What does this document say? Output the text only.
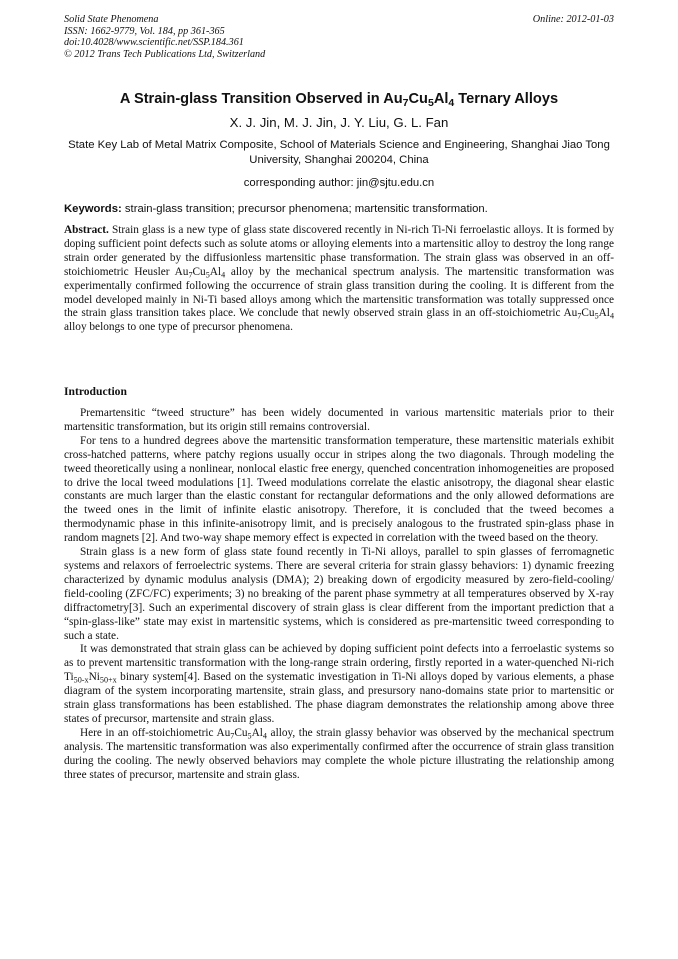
Solid State Phenomena
ISSN: 1662-9779, Vol. 184, pp 361-365
doi:10.4028/www.scientific.net/SSP.184.361
© 2012 Trans Tech Publications Ltd, Switzerland
Online: 2012-01-03
A Strain-glass Transition Observed in $Au_7Cu_5Al_4$ Ternary Alloys
X. J. Jin, M. J. Jin, J. Y. Liu, G. L. Fan
State Key Lab of Metal Matrix Composite, School of Materials Science and Engineering, Shanghai Jiao Tong University, Shanghai 200204, China
corresponding author: jin@sjtu.edu.cn
Keywords: strain-glass transition; precursor phenomena; martensitic transformation.
Abstract. Strain glass is a new type of glass state discovered recently in Ni-rich Ti-Ni ferroelastic alloys. It is formed by doping sufficient point defects such as solute atoms or alloying elements into a martensitic alloy to destroy the long range strain order generated by the diffusionless martensitic phase transformation. The strain glass was observed in an off-stoichiometric Heusler $Au_7Cu_5Al_4$ alloy by the mechanical spectrum analysis. The martensitic transformation was experimentally confirmed following the occurrence of strain glass transition during the cooling. It is different from the model developed mainly in Ni-Ti based alloys among which the martensitic transformation was totally suppressed once the strain glass transition takes place. We conclude that newly observed strain glass in an off-stoichiometric $Au_7Cu_5Al_4$ alloy belongs to one type of precursor phenomena.
Introduction

Premartensitic “tweed structure” has been widely documented in various martensitic materials prior to their martensitic transformation, but its origin still remains controversial.

For tens to a hundred degrees above the martensitic transformation temperature, these martensitic materials exhibit cross-hatched patterns, where patchy regions usually occur in stripes along the two diagonals. Through modeling the tweed theoretically using a nonlinear, nonlocal elastic free energy, quenched concentration inhomogeneities are proposed to drive the local tweed modulations [1]. Tweed modulations correlate the elastic anisotropy, the diagonal shear elastic constants are much larger than the elastic constant for rectangular deformations and the only allowed deformations are the tweed ones in the limit of infinite elastic anisotropy. Therefore, it is concluded that the tweed becomes a thermodynamic phase in this infinite-anisotropy limit, and is precisely analogous to the frustrated spin-glass phase in random magnets [2]. And two-way shape memory effect is expected in correlation with the tweed based on the theory.

Strain glass is a new form of glass state found recently in Ti-Ni alloys, parallel to spin glasses of ferromagnetic systems and relaxors of ferroelectric systems. There are several criteria for strain glassy behaviors: 1) dynamic freezing characterized by dynamic modulus analysis (DMA); 2) breaking down of ergodicity measured by zero-field-cooling/ field-cooling (ZFC/FC) experiments; 3) no breaking of the parent phase symmetry at all temperatures observed by X-ray diffractometry[3]. Such an experimental discovery of strain glass is clear different from the important prediction that a “spin-glass-like” state may exist in martensitic systems, which is considered as pre-martensitic tweed corresponding to such a state.

It was demonstrated that strain glass can be achieved by doping sufficient point defects into a ferroelastic systems so as to prevent martensitic transformation with the long-range strain ordering, firstly reported in a water-quenched Ni-rich $Ti_{50-x}Ni_{50+x}$ binary system[4]. Based on the systematic investigation in Ti-Ni alloys doped by various elements, a phase diagram of the system incorporating martensite, strain glass, and presursory nano-domains state prior to martensitic or strain glass transformations has been established. The phase diagram demonstrates the relationship among above three states of precursor, martensite and strain glass.

Here in an off-stoichiometric $Au_7Cu_5Al_4$ alloy, the strain glassy behavior was observed by the mechanical spectrum analysis. The martensitic transformation was also experimentally confirmed after the occurrence of strain glass transition during the cooling. The newly observed behaviors may complete the whole picture illustrating the relationship among three states of precursor, martensite and strain glass.
